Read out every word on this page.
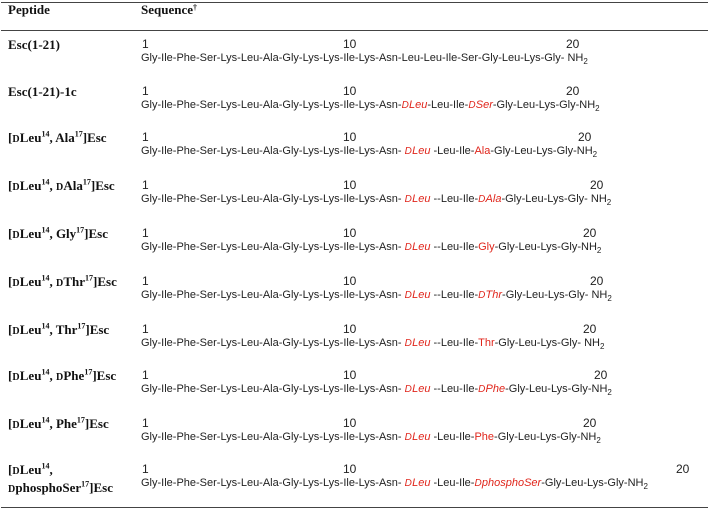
Peptide	Sequence†
Esc(1-21)	1	10	20
Gly-Ile-Phe-Ser-Lys-Leu-Ala-Gly-Lys-Lys-Ile-Lys-Asn-Leu-Leu-Ile-Ser-Gly-Leu-Lys-Gly- $NH_2$
Esc(1-21)-1c	1	10	20
Gly-$Ile-Phe-Ser-Lys-Leu-Ala-Gly-Lys-Lys-Ile-Lys-Asn-DLeu-Leu-Ile-DSer-Gly-Leu-Lys-Gly-NH_2$
[DLeu$^{14}$, Ala$^{17}$]Esc	1	10	20
Gly-Ile-Phe-Ser-Lys-Leu-Ala-Gly-Lys-Lys-Ile-Lys-Asn- DLeu $-Leu-Ile-Ala-Gly-Leu-Lys-Gly-NH_2$
[DLeu$^{14}$, DAla$^{17}$]Esc	1	10	20
Gly-Ile-Phe-Ser-Lys-Leu-Ala-Gly-Lys-Lys-Ile-Lys-Asn- DLeu --Leu-Ile-DAla-Gly-Leu-Lys-Gly- $NH_2$
[DLeu$^{14}$, Gly$^{17}$]Esc	1	10	20
Gly-Ile-Phe-Ser-Lys-Leu-Ala-Gly-Lys-Lys-Ile-Lys-Asn- DLeu $--Leu-Ile-Gly-Gly-Leu-Lys-Gly-NH_2$
[DLeu$^{14}$, DThr$^{17}$]Esc	1	10	20
Gly-Ile-Phe-Ser-Lys-Leu-Ala-Gly-Lys-Lys-Ile-Lys-Asn- DLeu --Leu-Ile-DThr-Gly-Leu-Lys-Gly- $NH_2$
[DLeu$^{14}$, Thr$^{17}$]Esc	1	10	20
Gly-Ile-Phe-Ser-Lys-Leu-Ala-Gly-Lys-Lys-Ile-Lys-Asn- DLeu --Leu-Ile-Thr-Gly-Leu-Lys-Gly- $NH_2$
[DLeu$^{14}$, DPhe$^{17}$]Esc	1	10	20
Gly-Ile-Phe-Ser-Lys-Leu-Ala-Gly-Lys-Lys-Ile-Lys-Asn- DLeu $--Leu-Ile-DPhe-Gly-Leu-Lys-Gly-NH_2$
[DLeu$^{14}$, Phe$^{17}$]Esc	1	10	20
Gly-Ile-Phe-Ser-Lys-Leu-Ala-Gly-Lys-Lys-Ile-Lys-Asn- DLeu $-Leu-Ile-Phe-Gly-Leu-Lys-Gly-NH_2$
[DLeu$^{14}$,
DphosphoSer$^{17}$]Esc
1	10	20
Gly-Ile-Phe-Ser-Lys-Leu-Ala-Gly-Lys-Lys-Ile-Lys-Asn- DLeu $-Leu-Ile-DphosphoSer-Gly-Leu-Lys-Gly-NH_2$
